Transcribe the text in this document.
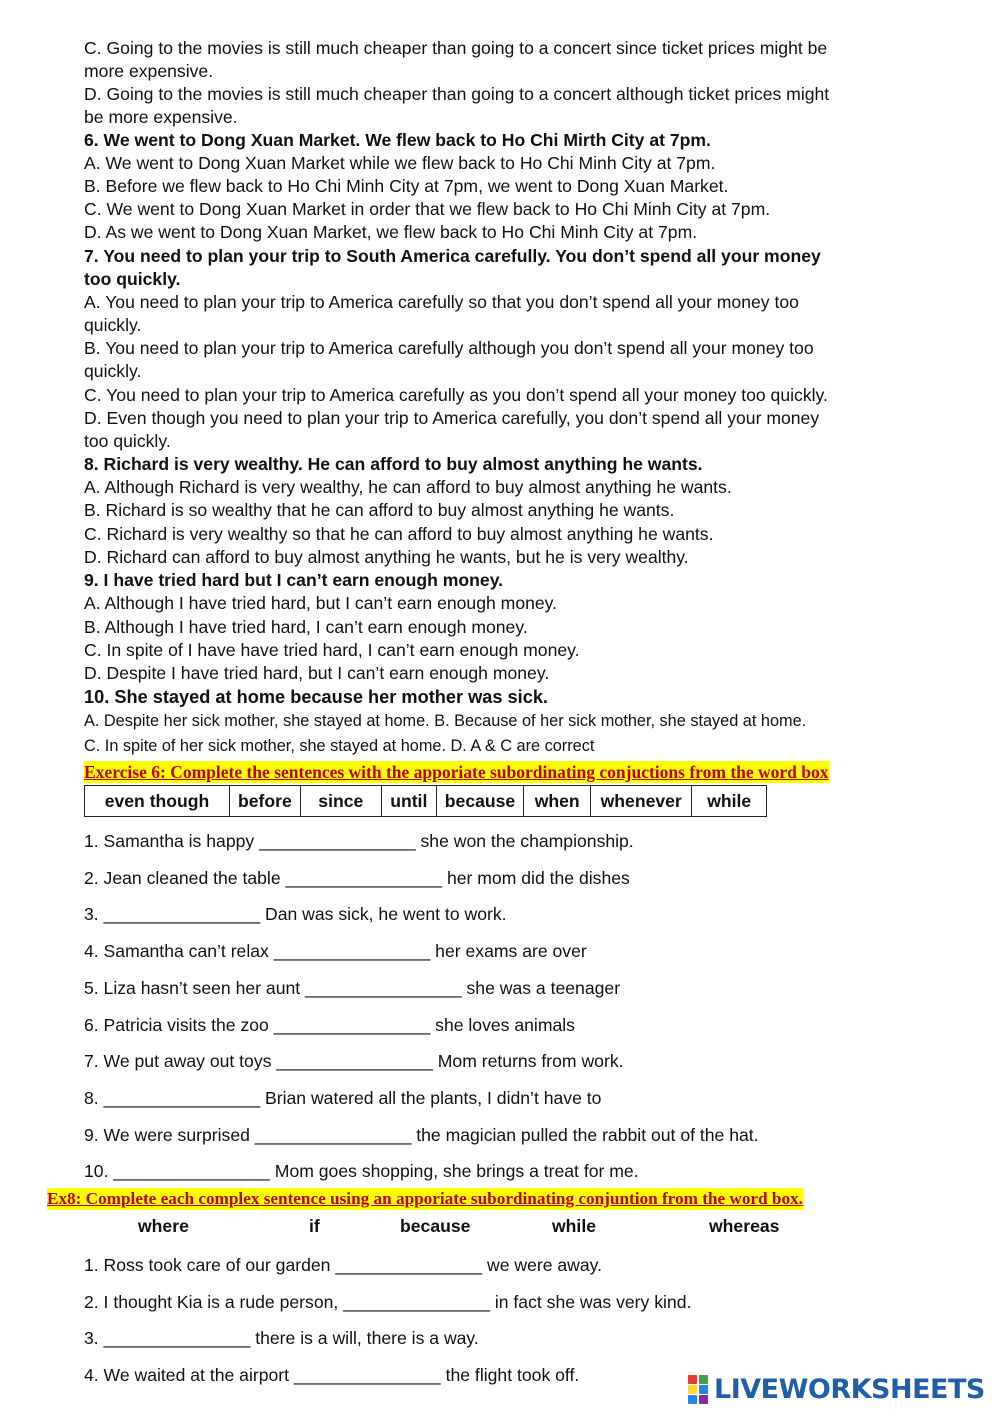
C. Going to the movies is still much cheaper than going to a concert since ticket prices might be
more expensive.
D. Going to the movies is still much cheaper than going to a concert although ticket prices might
be more expensive.
6. We went to Dong Xuan Market. We flew back to Ho Chi Mirth City at 7pm.
A. We went to Dong Xuan Market while we flew back to Ho Chi Minh City at 7pm.
B. Before we flew back to Ho Chi Minh City at 7pm, we went to Dong Xuan Market.
C. We went to Dong Xuan Market in order that we flew back to Ho Chi Minh City at 7pm.
D. As we went to Dong Xuan Market, we flew back to Ho Chi Minh City at 7pm.
7. You need to plan your trip to South America carefully. You don’t spend all your money
too quickly.
A. You need to plan your trip to America carefully so that you don’t spend all your money too
quickly.
B. You need to plan your trip to America carefully although you don’t spend all your money too
quickly.
C. You need to plan your trip to America carefully as you don’t spend all your money too quickly.
D. Even though you need to plan your trip to America carefully, you don’t spend all your money
too quickly.
8. Richard is very wealthy. He can afford to buy almost anything he wants.
A. Although Richard is very wealthy, he can afford to buy almost anything he wants.
B. Richard is so wealthy that he can afford to buy almost anything he wants.
C. Richard is very wealthy so that he can afford to buy almost anything he wants.
D. Richard can afford to buy almost anything he wants, but he is very wealthy.
9. I have tried hard but I can’t earn enough money.
A. Although I have tried hard, but I can’t earn enough money.
B. Although I have tried hard, I can’t earn enough money.
C. In spite of I have have tried hard, I can’t earn enough money.
D. Despite I have tried hard, but I can’t earn enough money.
10. She stayed at home because her mother was sick.
A. Despite her sick mother, she stayed at home. B. Because of her sick mother, she stayed at home.
C. In spite of her sick mother, she stayed at home. D. A & C are correct
Exercise 6: Complete the sentences with the apporiate subordinating conjuctions from the word box
even though	before	since	until	because	when	whenever	while
1. Samantha is happy ________________ she won the championship.
2. Jean cleaned the table ________________ her mom did the dishes
3. ________________ Dan was sick, he went to work.
4. Samantha can’t relax ________________ her exams are over
5. Liza hasn’t seen her aunt ________________ she was a teenager
6. Patricia visits the zoo ________________ she loves animals
7. We put away out toys ________________ Mom returns from work.
8. ________________ Brian watered all the plants, I didn’t have to
9. We were surprised ________________ the magician pulled the rabbit out of the hat.
10. ________________ Mom goes shopping, she brings a treat for me.
Ex8: Complete each complex sentence using an apporiate subordinating conjuntion from the word box.
where	if	because	while	whereas
1. Ross took care of our garden _______________ we were away.
2. I thought Kia is a rude person, _______________ in fact she was very kind.
3. _______________ there is a will, there is a way.
4. We waited at the airport _______________ the flight took off.	LIVEWORKSHEETS
